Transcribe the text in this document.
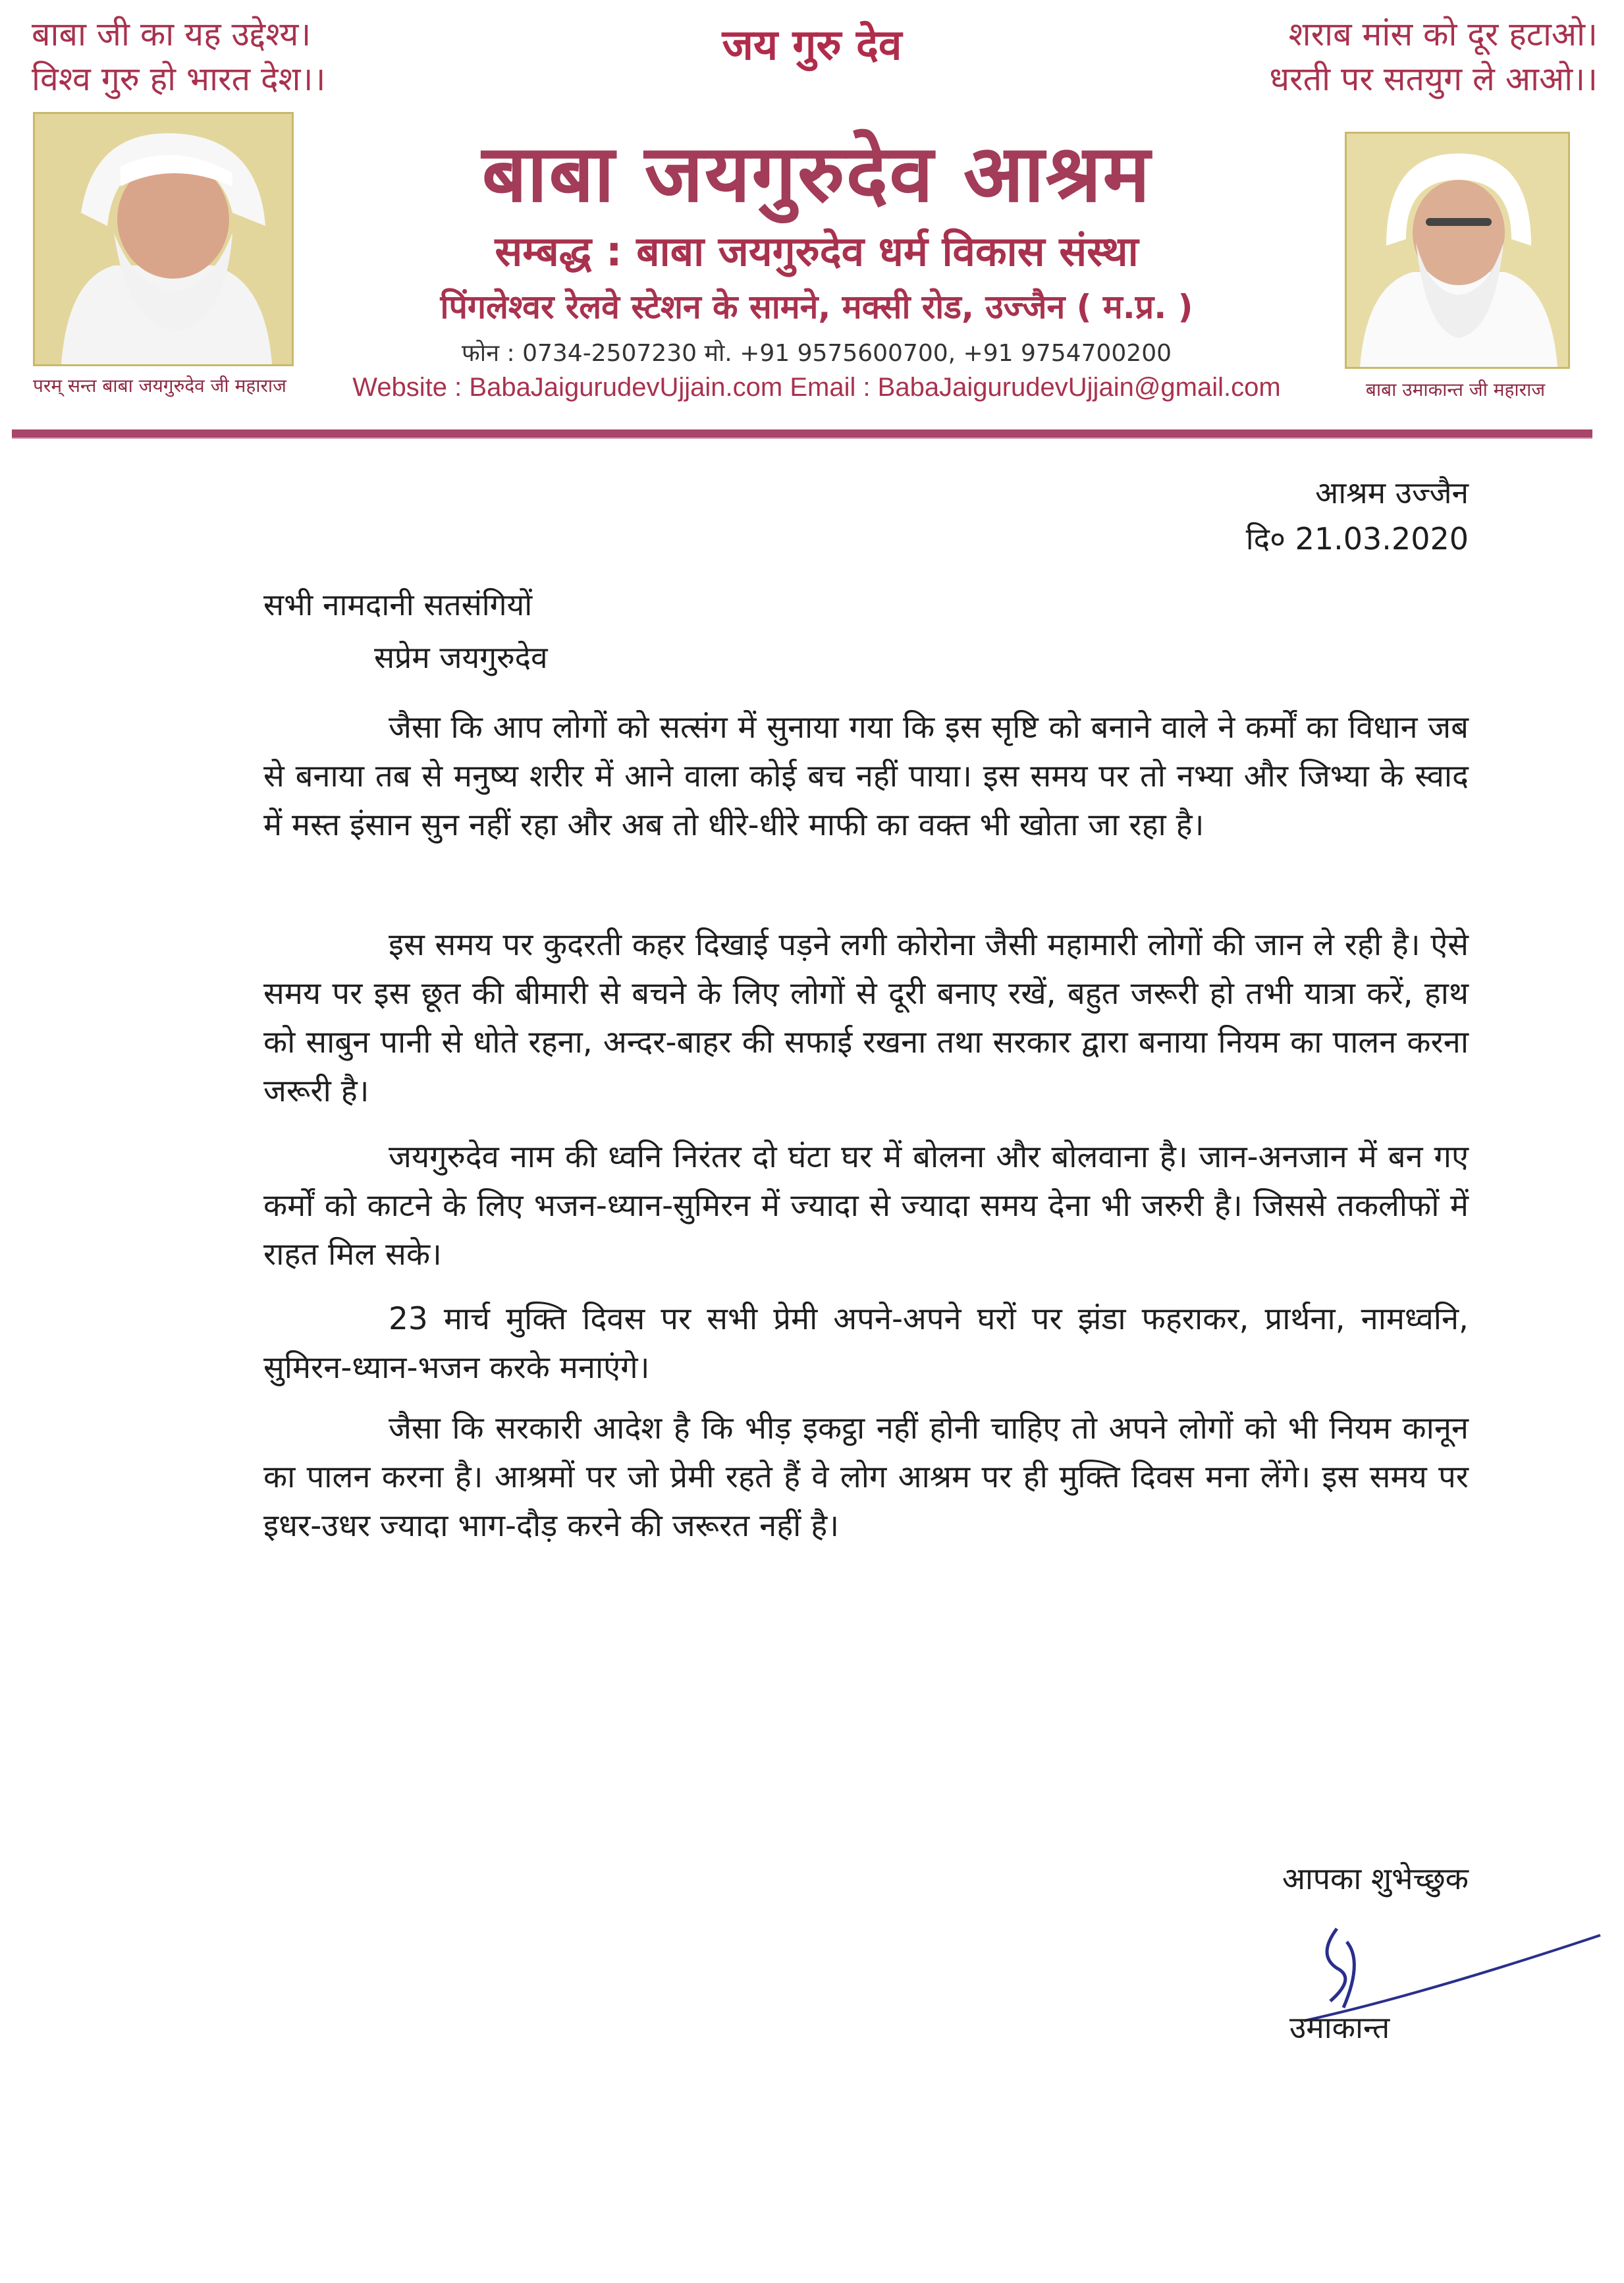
बाबा जी का यह उद्देश्य।
विश्व गुरु हो भारत देश।।
शराब मांस को दूर हटाओ।
धरती पर सतयुग ले आओ।।
जय गुरु देव
परम् सन्त बाबा जयगुरुदेव जी महाराज
बाबा जयगुरुदेव आश्रम
सम्बद्ध : बाबा जयगुरुदेव धर्म विकास संस्था
पिंगलेश्वर रेलवे स्टेशन के सामने, मक्सी रोड, उज्जैन ( म.प्र. )
फोन : 0734-2507230 मो. +91 9575600700, +91 9754700200
Website : BabaJaigurudevUjjain.com Email : BabaJaigurudevUjjain@gmail.com	बाबा उमाकान्त जी महाराज
आश्रम उज्जैन
दि० 21.03.2020
सभी नामदानी सतसंगियों
सप्रेम जयगुरुदेव

जैसा कि आप लोगों को सत्संग में सुनाया गया कि इस सृष्टि को बनाने वाले ने कर्मों का विधान जब से बनाया तब से मनुष्य शरीर में आने वाला कोई बच नहीं पाया। इस समय पर तो नभ्या और जिभ्या के स्वाद में मस्त इंसान सुन नहीं रहा और अब तो धीरे-धीरे माफी का वक्त भी खोता जा रहा है।

इस समय पर कुदरती कहर दिखाई पड़ने लगी कोरोना जैसी महामारी लोगों की जान ले रही है। ऐसे समय पर इस छूत की बीमारी से बचने के लिए लोगों से दूरी बनाए रखें, बहुत जरूरी हो तभी यात्रा करें, हाथ को साबुन पानी से धोते रहना, अन्दर-बाहर की सफाई रखना तथा सरकार द्वारा बनाया नियम का पालन करना जरूरी है।

जयगुरुदेव नाम की ध्वनि निरंतर दो घंटा घर में बोलना और बोलवाना है। जान-अनजान में बन गए कर्मों को काटने के लिए भजन-ध्यान-सुमिरन में ज्यादा से ज्यादा समय देना भी जरुरी है। जिससे तकलीफों में राहत मिल सके।

23 मार्च मुक्ति दिवस पर सभी प्रेमी अपने-अपने घरों पर झंडा फहराकर, प्रार्थना, नामध्वनि, सुमिरन-ध्यान-भजन करके मनाएंगे।

जैसा कि सरकारी आदेश है कि भीड़ इकट्ठा नहीं होनी चाहिए तो अपने लोगों को भी नियम कानून का पालन करना है। आश्रमों पर जो प्रेमी रहते हैं वे लोग आश्रम पर ही मुक्ति दिवस मना लेंगे। इस समय पर इधर-उधर ज्यादा भाग-दौड़ करने की जरूरत नहीं है।

आपका शुभेच्छुक
उमाकान्त
